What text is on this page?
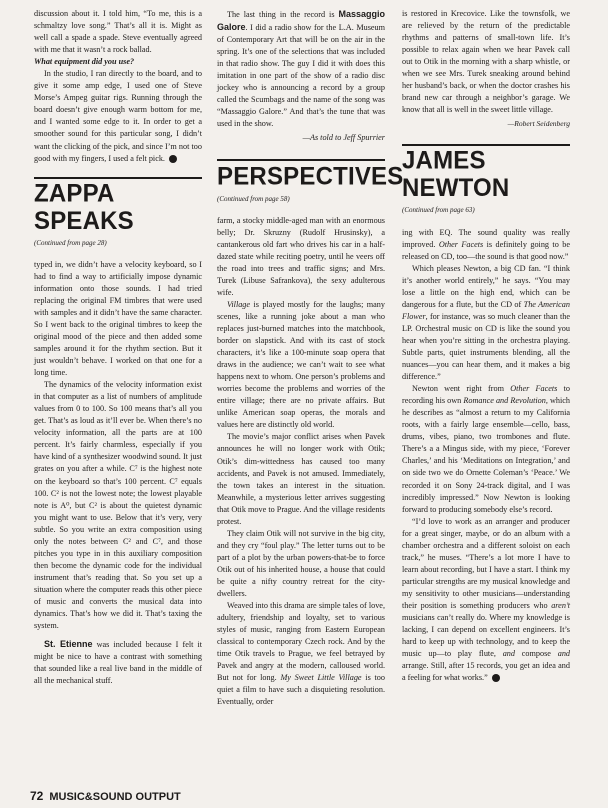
discussion about it. I told him, “To me, this is a schmaltzy love song.” That’s all it is. Might as well call a spade a spade. Steve eventually agreed with me that it wasn’t a rock ballad.

What equipment did you use?

In the studio, I ran directly to the board, and to give it some amp edge, I used one of Steve Morse’s Ampeg guitar rigs. Running through the board doesn’t give enough warm bottom for me, and I wanted some edge to it. In order to get a smoother sound for this particular song, I didn’t want the clicking of the pick, and since I’m not too good with my fingers, I used a felt pick.

ZAPPA SPEAKS

(Continued from page 28)

typed in, we didn’t have a velocity keyboard, so I had to find a way to artificially impose dynamic information onto those sounds. I had tried replacing the original FM timbres that were used with samples and it didn’t have the same character. So I went back to the original timbres to keep the original mood of the piece and then added some samples around it for the rhythm section. But it just wouldn’t behave. I worked on that one for a long time.

The dynamics of the velocity information exist in that computer as a list of numbers of amplitude values from 0 to 100. So 100 means that’s all you get. That’s as loud as it’ll ever be. When there’s no velocity information, all the parts are at 100 percent. It’s fairly charmless, especially if you have kind of a synthesizer woodwind sound. It just grates on you after a while. C⁷ is the highest note on the keyboard so that’s 100 percent. C⁷ equals 100. C² is not the lowest note; the lowest playable note is A⁰, but C² is about the quietest dynamic you might want to use. Below that it’s very, very subtle. So you write an extra composition using only the notes between C² and C⁷, and those pitches you type in in this auxiliary composition then become the dynamic code for the individual instrument that’s reading that. So you set up a situation where the computer reads this other piece of music and converts the musical data into dynamics. That’s how we did it. That’s taxing the system.

St. Etienne was included because I felt it might be nice to have a contrast with something that sounded like a real live band in the middle of all the mechanical stuff.

The last thing in the record is Massaggio Galore. I did a radio show for the L.A. Museum of Contemporary Art that will be on the air in the spring. It’s one of the selections that was included in that radio show. The guy I did it with does this imitation in one part of the show of a radio disc jockey who is announcing a record by a group called the Scumbags and the name of the song was “Massaggio Galore.” And that’s the tune that was used in the show.

—As told to Jeff Spurrier

PERSPECTIVES

(Continued from page 58)

farm, a stocky middle-aged man with an enormous belly; Dr. Skruzny (Rudolf Hrusinsky), a cantankerous old fart who drives his car in a half-dazed state while reciting poetry, until he veers off the road into trees and traffic signs; and Mrs. Turek (Libuse Safrankova), the sexy adulterous wife.

Village is played mostly for the laughs; many scenes, like a running joke about a man who replaces just-burned matches into the matchbook, border on slapstick. And with its cast of stock characters, it’s like a 100-minute soap opera that draws in the audience; we can’t wait to see what happens next to whom. One person’s problems and worries become the problems and worries of the entire village; there are no private affairs. But unlike American soap operas, the morals and values here are distinctly old world.

The movie’s major conflict arises when Pavek announces he will no longer work with Otik; Otik’s dim-wittedness has caused too many accidents, and Pavek is not amused. Immediately, the town takes an interest in the situation. Meanwhile, a mysterious letter arrives suggesting that Otik move to Prague. And the village residents protest.

They claim Otik will not survive in the big city, and they cry “foul play.” The letter turns out to be part of a plot by the urban powers-that-be to force Otik out of his inherited house, a house that could be quite a nifty country retreat for the city-dwellers.

Weaved into this drama are simple tales of love, adultery, friendship and loyalty, set to various styles of music, ranging from Eastern European classical to contemporary Czech rock. And by the time Otik travels to Prague, we feel betrayed by Pavek and angry at the modern, calloused world. But not for long. My Sweet Little Village is too quiet a film to have such a disquieting resolution. Eventually, order

is restored in Krecovice. Like the townsfolk, we are relieved by the return of the predictable rhythms and patterns of small-town life. It’s possible to relax again when we hear Pavek call out to Otik in the morning with a sharp whistle, or when we see Mrs. Turek sneaking around behind her husband’s back, or when the doctor crashes his brand new car through a neighbor’s garage. We know that all is well in the sweet little village.

—Robert Seidenberg

JAMES NEWTON

(Continued from page 63)

ing with EQ. The sound quality was really improved. Other Facets is definitely going to be released on CD, too—the sound is that good now.”

Which pleases Newton, a big CD fan. “I think it’s another world entirely,” he says. “You may lose a little on the high end, which can be dangerous for a flute, but the CD of The American Flower, for instance, was so much cleaner than the LP. Orchestral music on CD is like the sound you hear when you’re sitting in the orchestra playing. Subtle parts, quiet instruments blending, all the nuances—you can hear them, and it makes a big difference.”

Newton went right from Other Facets to recording his own Romance and Revolution, which he describes as “almost a return to my California roots, with a fairly large ensemble—cello, bass, drums, vibes, piano, two trombones and flute. There’s a a Mingus side, with my piece, ‘Forever Charles,’ and his ‘Meditations on Integration,’ and on side two we do Ornette Coleman’s ‘Peace.’ We recorded it on Sony 24-track digital, and I was incredibly impressed.” Now Newton is looking forward to producing somebody else’s record.

“I’d love to work as an arranger and producer for a great singer, maybe, or do an album with a chamber orchestra and a different soloist on each track,” he muses. “There’s a lot more I have to learn about recording, but I have a start. I think my particular strengths are my musical knowledge and my sensitivity to other musicians—understanding their position is something producers who aren’t musicians can’t really do. Where my knowledge is lacking, I can depend on excellent engineers. It’s hard to keep up with technology, and to keep the music up—to play flute, and compose and arrange. Still, after 15 records, you get an idea and a feeling for what works.”

72 MUSIC&SOUND OUTPUT
